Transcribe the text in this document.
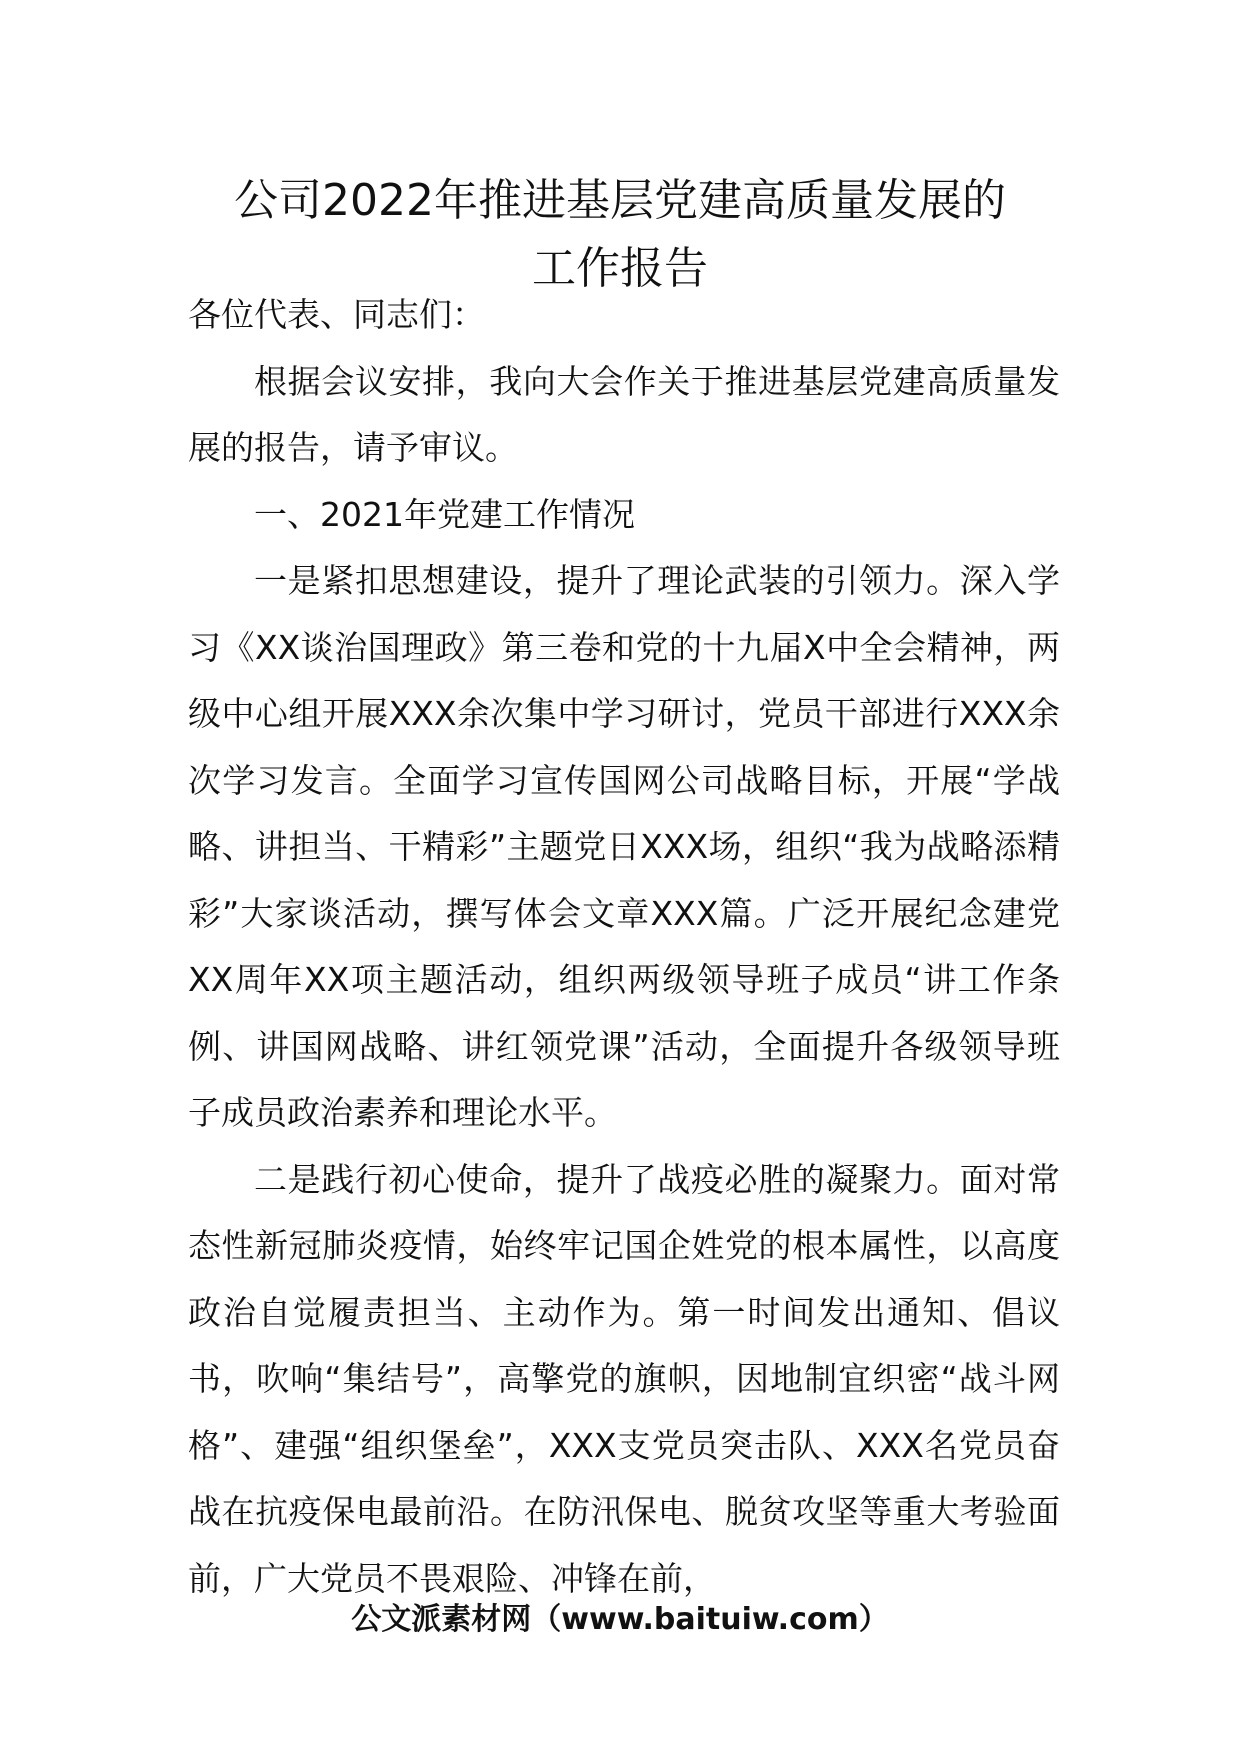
公司2022年推进基层党建高质量发展的
工作报告

各位代表、同志们：

根据会议安排，我向大会作关于推进基层党建高质量发展的报告，请予审议。

一、2021年党建工作情况

一是紧扣思想建设，提升了理论武装的引领力。深入学习《XX谈治国理政》第三卷和党的十九届X中全会精神，两级中心组开展XXX余次集中学习研讨，党员干部进行XXX余次学习发言。全面学习宣传国网公司战略目标，开展“学战略、讲担当、干精彩”主题党日XXX场，组织“我为战略添精彩”大家谈活动，撰写体会文章XXX篇。广泛开展纪念建党XX周年XX项主题活动，组织两级领导班子成员“讲工作条例、讲国网战略、讲红领党课”活动，全面提升各级领导班子成员政治素养和理论水平。

二是践行初心使命，提升了战疫必胜的凝聚力。面对常态性新冠肺炎疫情，始终牢记国企姓党的根本属性，以高度政治自觉履责担当、主动作为。第一时间发出通知、倡议书，吹响“集结号”，高擎党的旗帜，因地制宜织密“战斗网格”、建强“组织堡垒”，XXX支党员突击队、XXX名党员奋战在抗疫保电最前沿。在防汛保电、脱贫攻坚等重大考验面前，广大党员不畏艰险、冲锋在前，

公文派素材网（www.baituiw.com）
